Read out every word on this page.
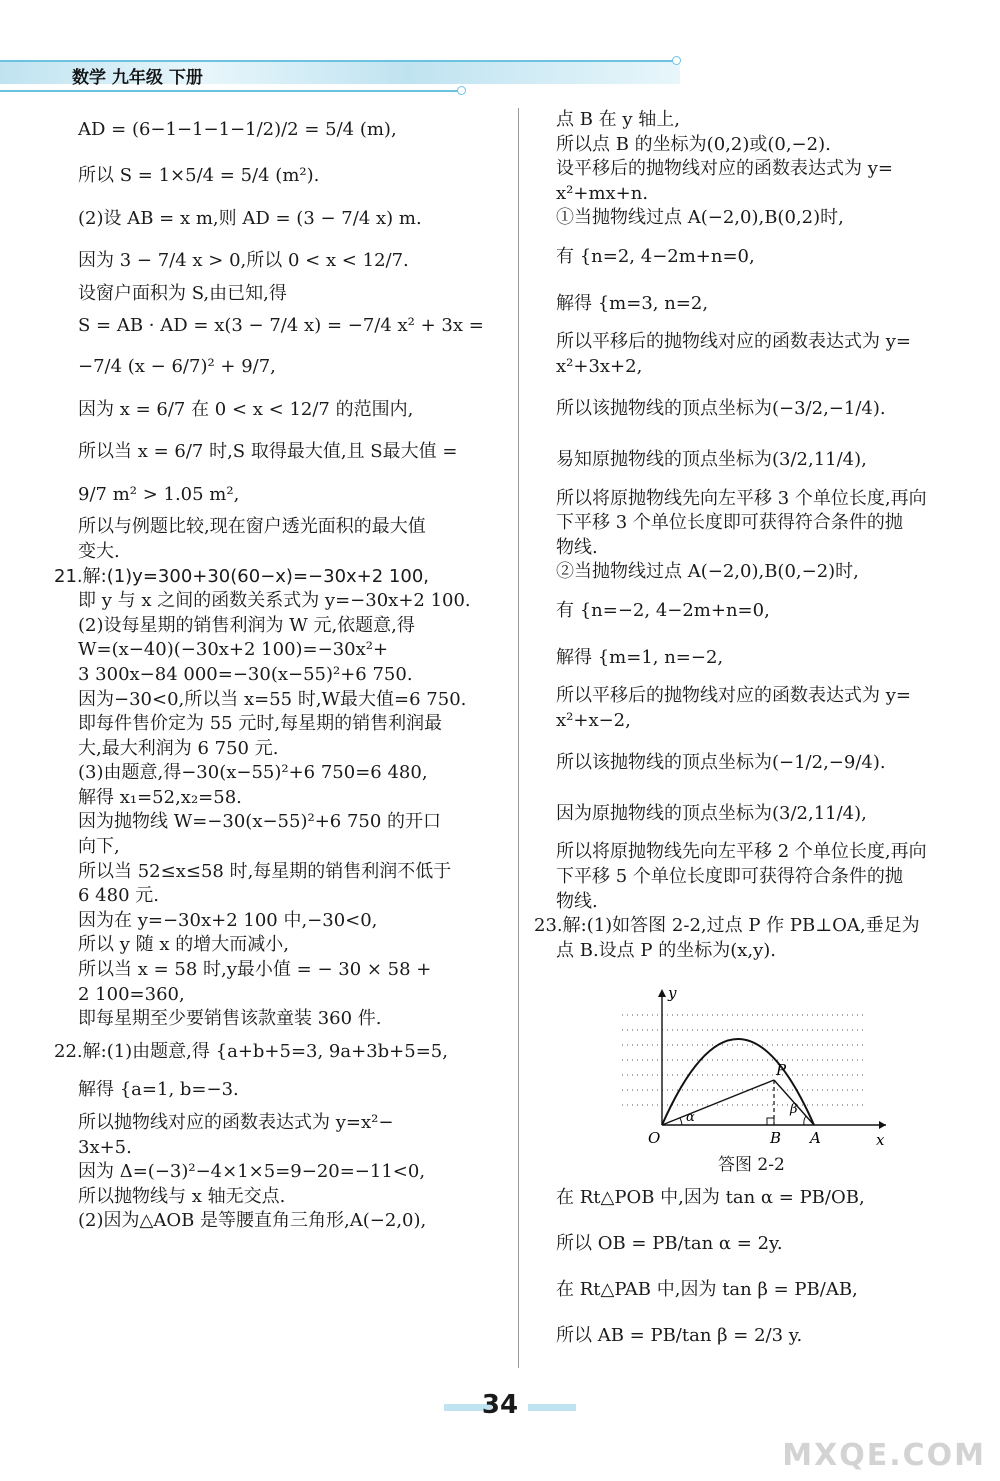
数学 九年级 下册

AD = (6−1−1−1−1/2)/2 = 5/4 (m),

所以 S = 1×5/4 = 5/4 (m²).

(2)设 AB = x m,则 AD = (3 − 7/4 x) m.

因为 3 − 7/4 x > 0,所以 0 < x < 12/7.

设窗户面积为 S,由已知,得

S = AB · AD = x(3 − 7/4 x) = −7/4 x² + 3x =

−7/4 (x − 6/7)² + 9/7,

因为 x = 6/7 在 0 < x < 12/7 的范围内,

所以当 x = 6/7 时,S 取得最大值,且 S最大值 =

9/7 m² > 1.05 m²,

所以与例题比较,现在窗户透光面积的最大值

变大.

21.解:(1)y=300+30(60−x)=−30x+2 100,

即 y 与 x 之间的函数关系式为 y=−30x+2 100.

(2)设每星期的销售利润为 W 元,依题意,得

W=(x−40)(−30x+2 100)=−30x²+

3 300x−84 000=−30(x−55)²+6 750.

因为−30<0,所以当 x=55 时,W最大值=6 750.

即每件售价定为 55 元时,每星期的销售利润最

大,最大利润为 6 750 元.

(3)由题意,得−30(x−55)²+6 750=6 480,

解得 x₁=52,x₂=58.

因为抛物线 W=−30(x−55)²+6 750 的开口

向下,

所以当 52≤x≤58 时,每星期的销售利润不低于

6 480 元.

因为在 y=−30x+2 100 中,−30<0,

所以 y 随 x 的增大而减小,

所以当 x = 58 时,y最小值 = − 30 × 58 +

2 100=360,

即每星期至少要销售该款童装 360 件.

22.解:(1)由题意,得 {a+b+5=3, 9a+3b+5=5,

解得 {a=1, b=−3.

所以抛物线对应的函数表达式为 y=x²−

3x+5.

因为 Δ=(−3)²−4×1×5=9−20=−11<0,

所以抛物线与 x 轴无交点.

(2)因为△AOB 是等腰直角三角形,A(−2,0),

点 B 在 y 轴上,

所以点 B 的坐标为(0,2)或(0,−2).

设平移后的抛物线对应的函数表达式为 y=

x²+mx+n.

①当抛物线过点 A(−2,0),B(0,2)时,

有 {n=2, 4−2m+n=0,

解得 {m=3, n=2,

所以平移后的抛物线对应的函数表达式为 y=

x²+3x+2,

所以该抛物线的顶点坐标为(−3/2,−1/4).

易知原抛物线的顶点坐标为(3/2,11/4),

所以将原抛物线先向左平移 3 个单位长度,再向

下平移 3 个单位长度即可获得符合条件的抛

物线.

②当抛物线过点 A(−2,0),B(0,−2)时,

有 {n=−2, 4−2m+n=0,

解得 {m=1, n=−2,

所以平移后的抛物线对应的函数表达式为 y=

x²+x−2,

所以该抛物线的顶点坐标为(−1/2,−9/4).

因为原抛物线的顶点坐标为(3/2,11/4),

所以将原抛物线先向左平移 2 个单位长度,再向

下平移 5 个单位长度即可获得符合条件的抛

物线.

23.解:(1)如答图 2-2,过点 P 作 PB⊥OA,垂足为

点 B.设点 P 的坐标为(x,y).

y
x
O	B A
P
α
β
答图 2-2

在 Rt△POB 中,因为 tan α = PB/OB,

所以 OB = PB/tan α = 2y.

在 Rt△PAB 中,因为 tan β = PB/AB,

所以 AB = PB/tan β = 2/3 y.

34
MXQE.COM
